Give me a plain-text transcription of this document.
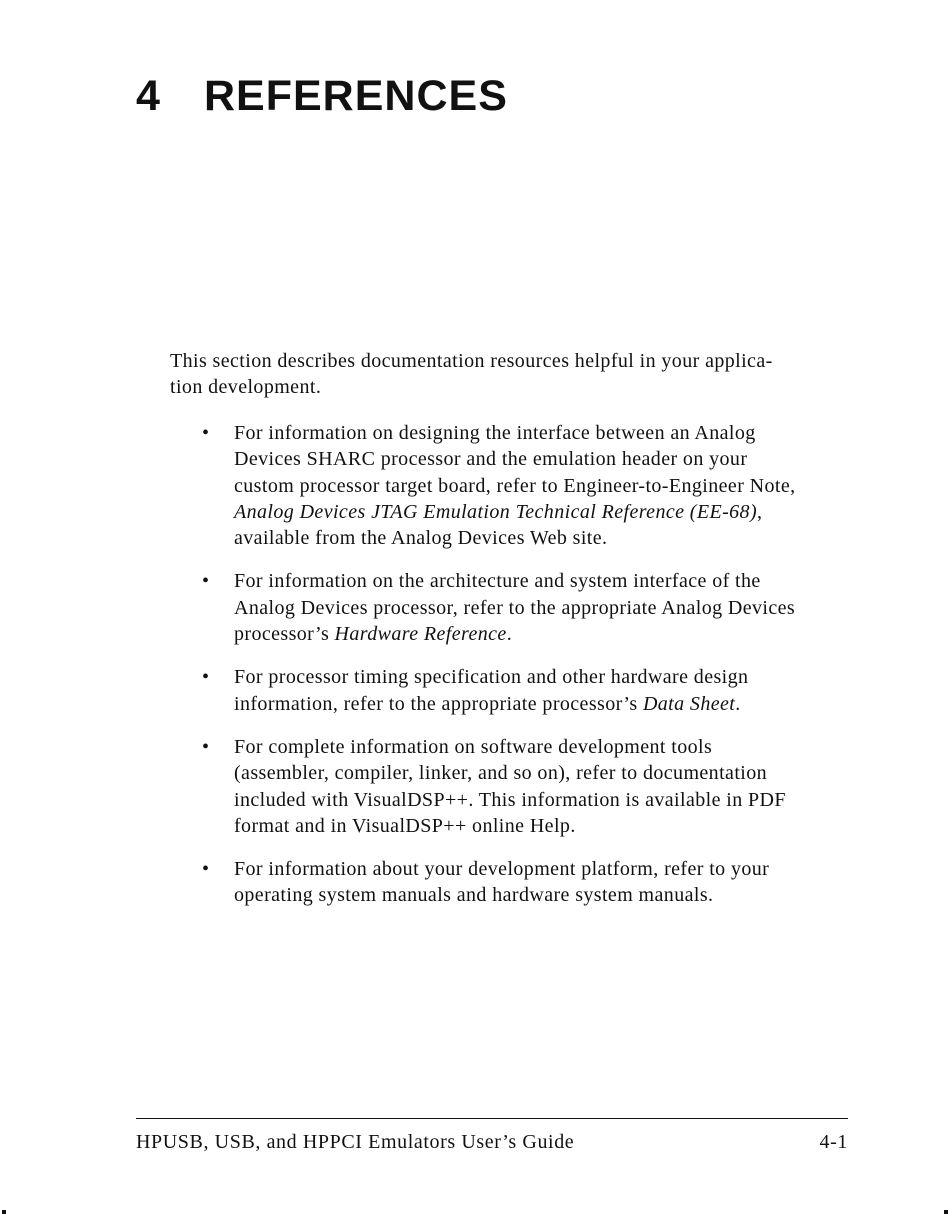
4 REFERENCES

This section describes documentation resources helpful in your applica-
tion development.

• For information on designing the interface between an Analog
Devices SHARC processor and the emulation header on your
custom processor target board, refer to Engineer-to-Engineer Note,
Analog Devices JTAG Emulation Technical Reference (EE-68),
available from the Analog Devices Web site.
• For information on the architecture and system interface of the
Analog Devices processor, refer to the appropriate Analog Devices
processor’s Hardware Reference.
• For processor timing specification and other hardware design
information, refer to the appropriate processor’s Data Sheet.
• For complete information on software development tools
(assembler, compiler, linker, and so on), refer to documentation
included with VisualDSP++. This information is available in PDF
format and in VisualDSP++ online Help.
• For information about your development platform, refer to your
operating system manuals and hardware system manuals.
HPUSB, USB, and HPPCI Emulators User’s Guide	4-1
